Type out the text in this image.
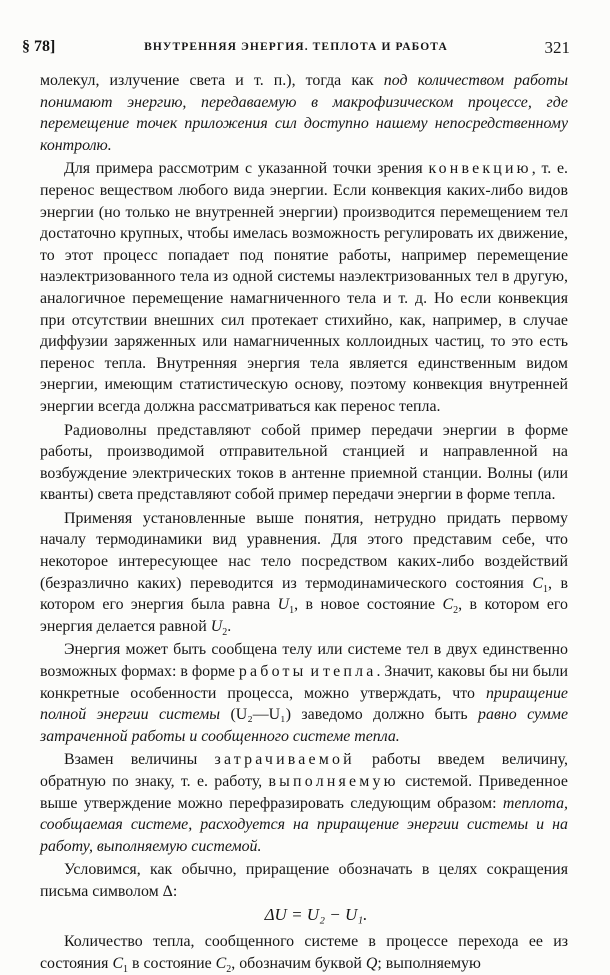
§ 78]	ВНУТРЕННЯЯ ЭНЕРГИЯ. ТЕПЛОТА И РАБОТА	321

молекул, излучение света и т. п.), тогда как под количеством работы понимают энергию, передаваемую в макрофизическом процессе, где перемещение точек приложения сил доступно нашему непосредственному контролю.

Для примера рассмотрим с указанной точки зрения конвекцию, т. е. перенос веществом любого вида энергии. Если конвекция каких-либо видов энергии (но только не внутренней энергии) производится перемещением тел достаточно крупных, чтобы имелась возможность регулировать их движение, то этот процесс попадает под понятие работы, например перемещение наэлектризованного тела из одной системы наэлектризованных тел в другую, аналогичное перемещение намагниченного тела и т. д. Но если конвекция при отсутствии внешних сил протекает стихийно, как, например, в случае диффузии заряженных или намагниченных коллоидных частиц, то это есть перенос тепла. Внутренняя энергия тела является единственным видом энергии, имеющим статистическую основу, поэтому конвекция внутренней энергии всегда должна рассматриваться как перенос тепла.

Радиоволны представляют собой пример передачи энергии в форме работы, производимой отправительной станцией и направленной на возбуждение электрических токов в антенне приемной станции. Волны (или кванты) света представляют собой пример передачи энергии в форме тепла.

Применяя установленные выше понятия, нетрудно придать первому началу термодинамики вид уравнения. Для этого представим себе, что некоторое интересующее нас тело посредством каких-либо воздействий (безразлично каких) переводится из термодинамического состояния $C_1$, в котором его энергия была равна $U_1$, в новое состояние $C_2$, в котором его энергия делается равной $U_2$.

Энергия может быть сообщена телу или системе тел в двух единственно возможных формах: в форме работы и тепла. Значит, каковы бы ни были конкретные особенности процесса, можно утверждать, что приращение полной энергии системы (U₂—U₁) заведомо должно быть равно сумме затраченной работы и сообщенного системе тепла.

Взамен величины затрачиваемой работы введем величину, обратную по знаку, т. е. работу, выполняемую системой. Приведенное выше утверждение можно перефразировать следующим образом: теплота, сообщаемая системе, расходуется на приращение энергии системы и на работу, выполняемую системой.

Условимся, как обычно, приращение обозначать в целях сокращения письма символом Δ:

ΔU = U₂ − U₁.

Количество тепла, сообщенного системе в процессе перехода ее из состояния $C_1$ в состояние $C_2$, обозначим буквой Q; выполняемую
